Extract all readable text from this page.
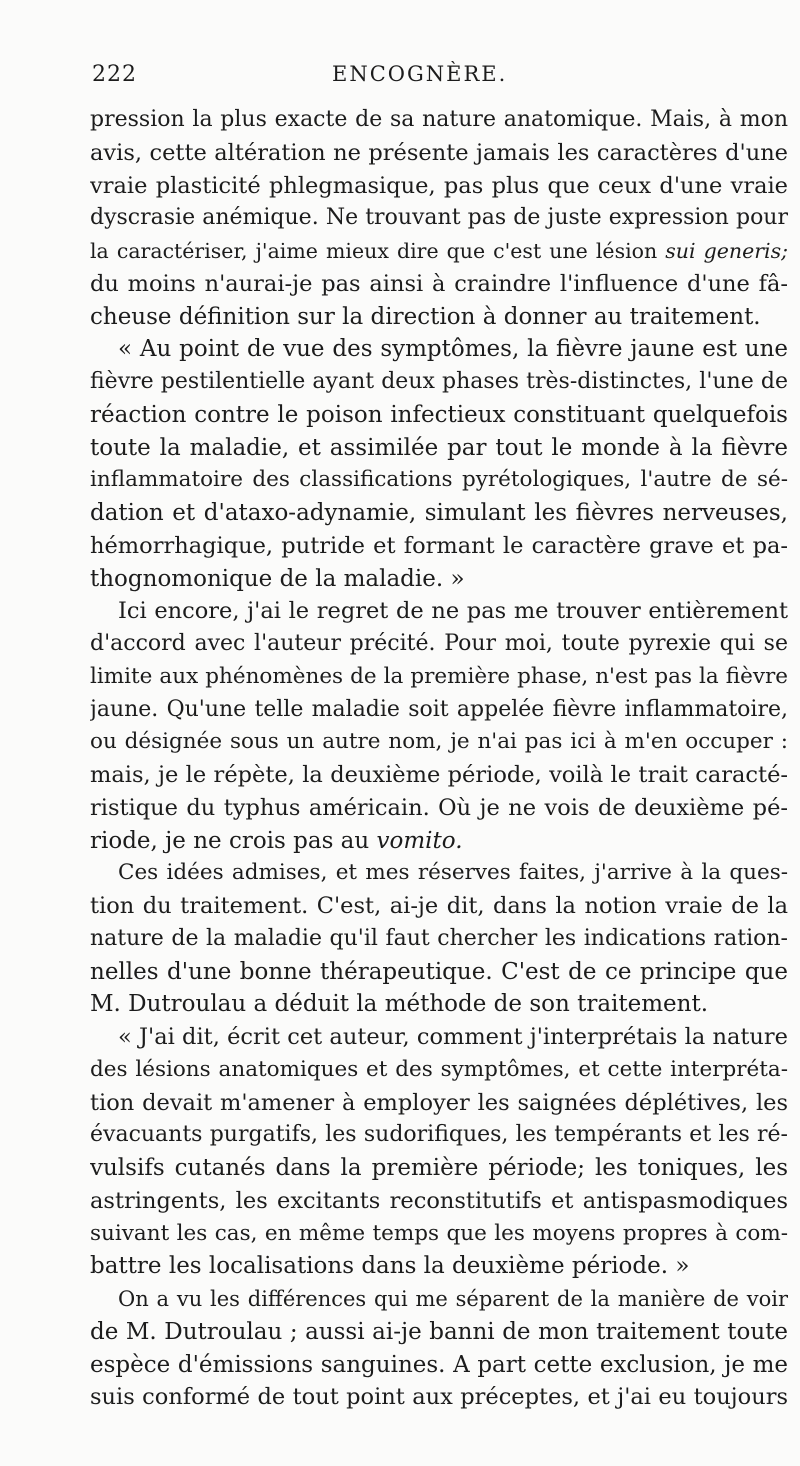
222	ENCOGNÈRE.
pression la plus exacte de sa nature anatomique. Mais, à mon
avis, cette altération ne présente jamais les caractères d'une
vraie plasticité phlegmasique, pas plus que ceux d'une vraie
dyscrasie anémique. Ne trouvant pas de juste expression pour
la caractériser, j'aime mieux dire que c'est une lésion sui generis;
du moins n'aurai-je pas ainsi à craindre l'influence d'une fâ-
cheuse définition sur la direction à donner au traitement.
« Au point de vue des symptômes, la fièvre jaune est une
fièvre pestilentielle ayant deux phases très-distinctes, l'une de
réaction contre le poison infectieux constituant quelquefois
toute la maladie, et assimilée par tout le monde à la fièvre
inflammatoire des classifications pyrétologiques, l'autre de sé-
dation et d'ataxo-adynamie, simulant les fièvres nerveuses,
hémorrhagique, putride et formant le caractère grave et pa-
thognomonique de la maladie. »
Ici encore, j'ai le regret de ne pas me trouver entièrement
d'accord avec l'auteur précité. Pour moi, toute pyrexie qui se
limite aux phénomènes de la première phase, n'est pas la fièvre
jaune. Qu'une telle maladie soit appelée fièvre inflammatoire,
ou désignée sous un autre nom, je n'ai pas ici à m'en occuper :
mais, je le répète, la deuxième période, voilà le trait caracté-
ristique du typhus américain. Où je ne vois de deuxième pé-
riode, je ne crois pas au vomito.
Ces idées admises, et mes réserves faites, j'arrive à la ques-
tion du traitement. C'est, ai-je dit, dans la notion vraie de la
nature de la maladie qu'il faut chercher les indications ration-
nelles d'une bonne thérapeutique. C'est de ce principe que
M. Dutroulau a déduit la méthode de son traitement.
« J'ai dit, écrit cet auteur, comment j'interprétais la nature
des lésions anatomiques et des symptômes, et cette interpréta-
tion devait m'amener à employer les saignées déplétives, les
évacuants purgatifs, les sudorifiques, les tempérants et les ré-
vulsifs cutanés dans la première période; les toniques, les
astringents, les excitants reconstitutifs et antispasmodiques
suivant les cas, en même temps que les moyens propres à com-
battre les localisations dans la deuxième période. »
On a vu les différences qui me séparent de la manière de voir
de M. Dutroulau ; aussi ai-je banni de mon traitement toute
espèce d'émissions sanguines. A part cette exclusion, je me
suis conformé de tout point aux préceptes, et j'ai eu toujours
